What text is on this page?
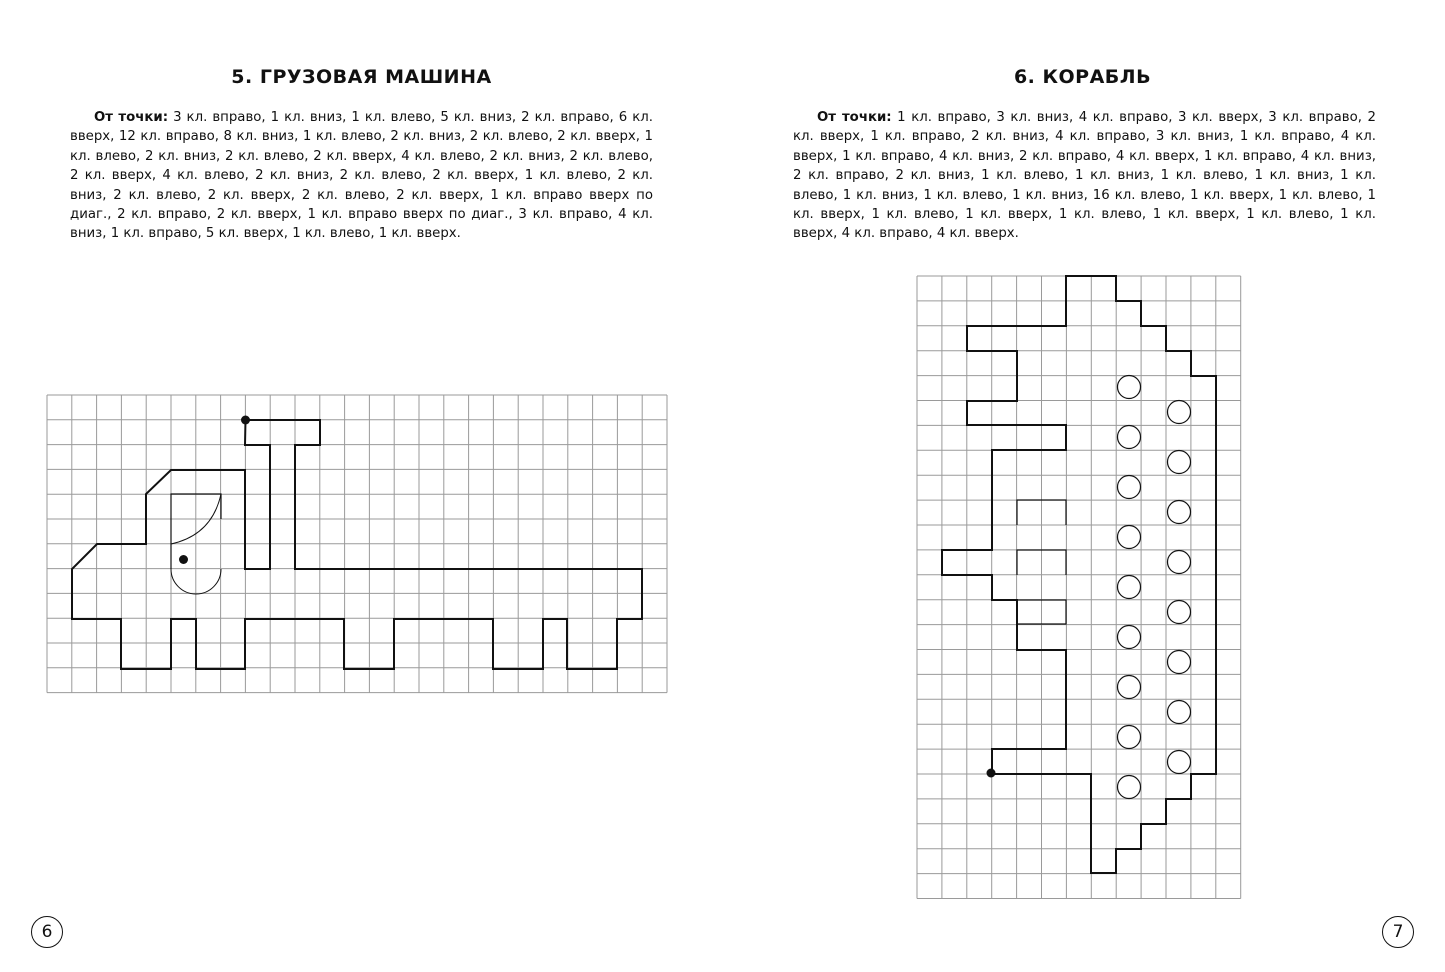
5. ГРУЗОВАЯ МАШИНА

От точки: 3 кл. вправо, 1 кл. вниз, 1 кл. влево, 5 кл. вниз, 2 кл. вправо, 6 кл. вверх, 12 кл. вправо, 8 кл. вниз, 1 кл. влево, 2 кл. вниз, 2 кл. влево, 2 кл. вверх, 1 кл. влево, 2 кл. вниз, 2 кл. влево, 2 кл. вверх, 4 кл. влево, 2 кл. вниз, 2 кл. влево, 2 кл. вверх, 4 кл. влево, 2 кл. вниз, 2 кл. влево, 2 кл. вверх, 1 кл. влево, 2 кл. вниз, 2 кл. влево, 2 кл. вверх, 2 кл. влево, 2 кл. вверх, 1 кл. вправо вверх по диаг., 2 кл. вправо, 2 кл. вверх, 1 кл. вправо вверх по диаг., 3 кл. вправо, 4 кл. вниз, 1 кл. вправо, 5 кл. вверх, 1 кл. влево, 1 кл. вверх.

6. КОРАБЛЬ

От точки: 1 кл. вправо, 3 кл. вниз, 4 кл. вправо, 3 кл. вверх, 3 кл. вправо, 2 кл. вверх, 1 кл. вправо, 2 кл. вниз, 4 кл. вправо, 3 кл. вниз, 1 кл. вправо, 4 кл. вверх, 1 кл. вправо, 4 кл. вниз, 2 кл. вправо, 4 кл. вверх, 1 кл. вправо, 4 кл. вниз, 2 кл. вправо, 2 кл. вниз, 1 кл. влево, 1 кл. вниз, 1 кл. влево, 1 кл. вниз, 1 кл. влево, 1 кл. вниз, 1 кл. влево, 1 кл. вниз, 16 кл. влево, 1 кл. вверх, 1 кл. влево, 1 кл. вверх, 1 кл. влево, 1 кл. вверх, 1 кл. влево, 1 кл. вверх, 1 кл. влево, 1 кл. вверх, 4 кл. вправо, 4 кл. вверх.

6	7
